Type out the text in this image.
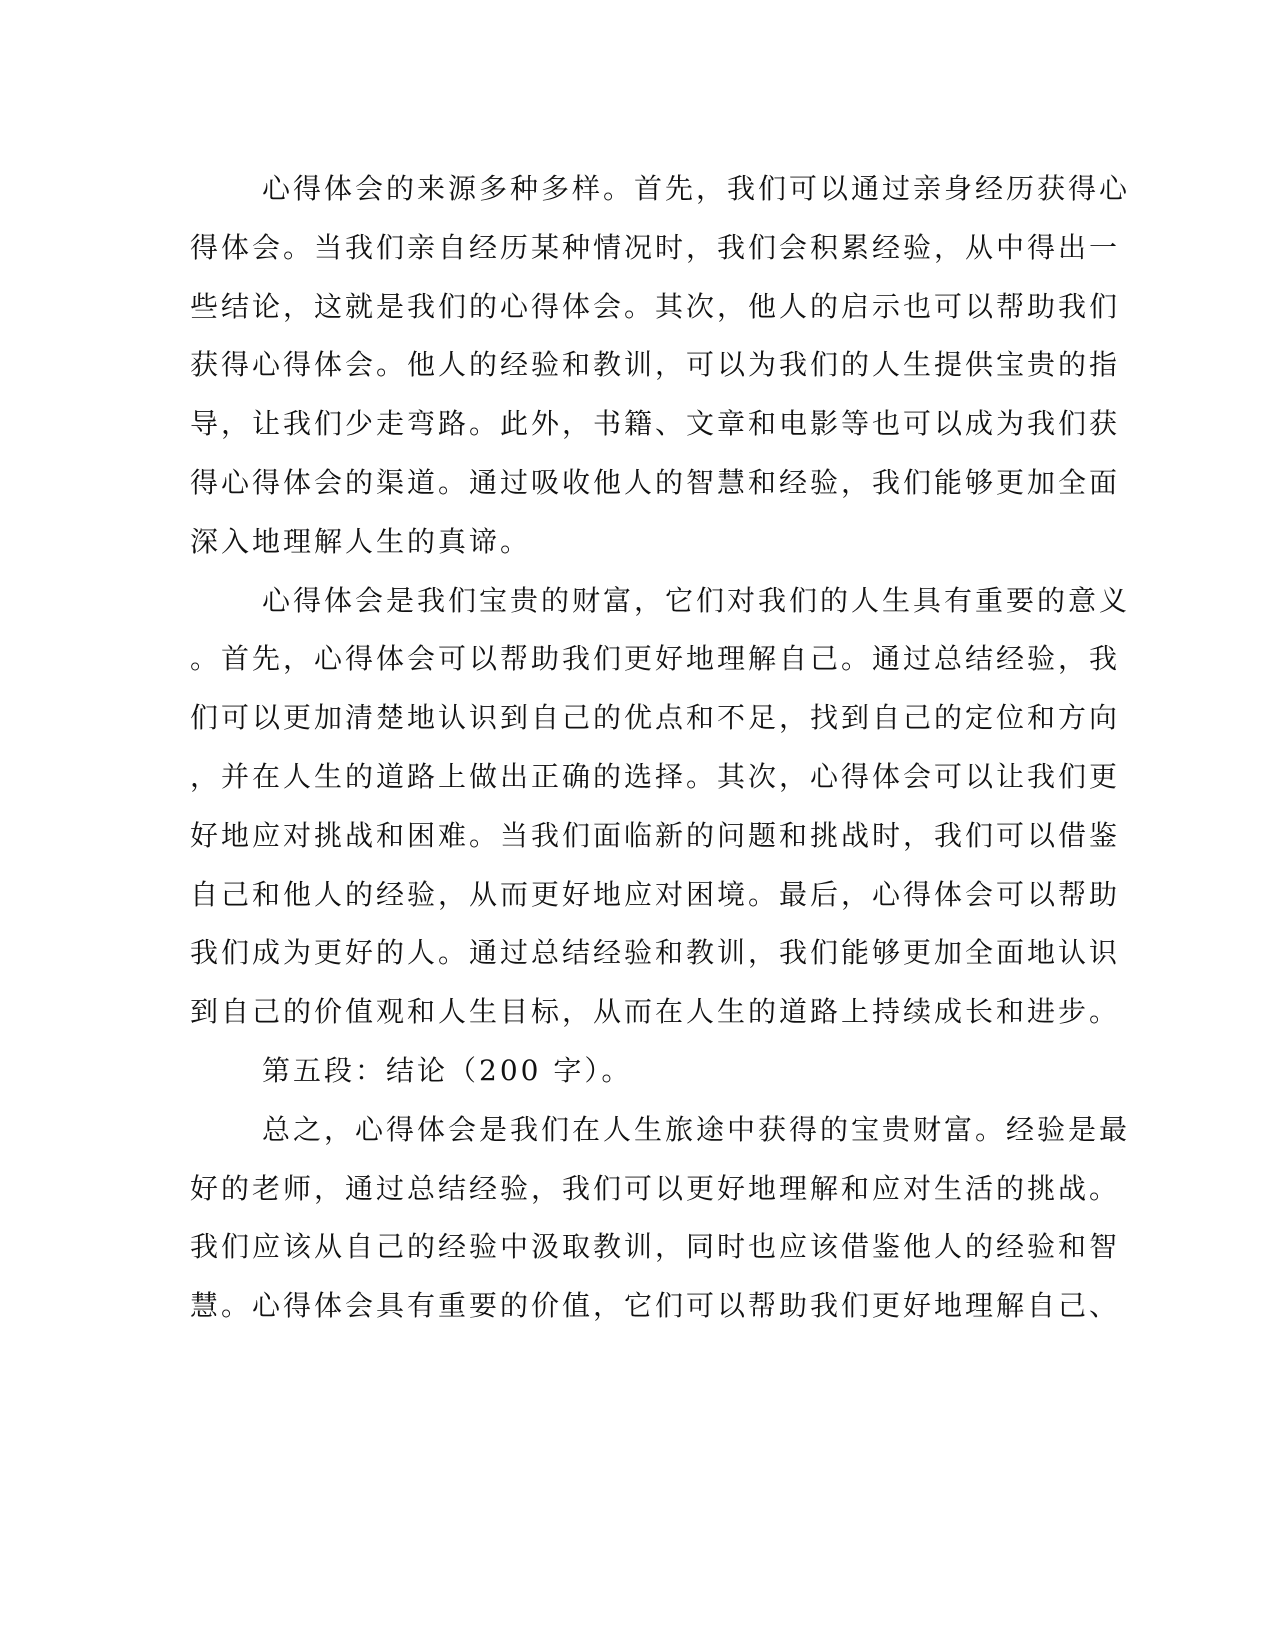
心得体会的来源多种多样。首先，我们可以通过亲身经历获得心
得体会。当我们亲自经历某种情况时，我们会积累经验，从中得出一
些结论，这就是我们的心得体会。其次，他人的启示也可以帮助我们
获得心得体会。他人的经验和教训，可以为我们的人生提供宝贵的指
导，让我们少走弯路。此外，书籍、文章和电影等也可以成为我们获
得心得体会的渠道。通过吸收他人的智慧和经验，我们能够更加全面
深入地理解人生的真谛。
心得体会是我们宝贵的财富，它们对我们的人生具有重要的意义
。首先，心得体会可以帮助我们更好地理解自己。通过总结经验，我
们可以更加清楚地认识到自己的优点和不足，找到自己的定位和方向
，并在人生的道路上做出正确的选择。其次，心得体会可以让我们更
好地应对挑战和困难。当我们面临新的问题和挑战时，我们可以借鉴
自己和他人的经验，从而更好地应对困境。最后，心得体会可以帮助
我们成为更好的人。通过总结经验和教训，我们能够更加全面地认识
到自己的价值观和人生目标，从而在人生的道路上持续成长和进步。
第五段：结论（200 字）。
总之，心得体会是我们在人生旅途中获得的宝贵财富。经验是最
好的老师，通过总结经验，我们可以更好地理解和应对生活的挑战。
我们应该从自己的经验中汲取教训，同时也应该借鉴他人的经验和智
慧。心得体会具有重要的价值，它们可以帮助我们更好地理解自己、
